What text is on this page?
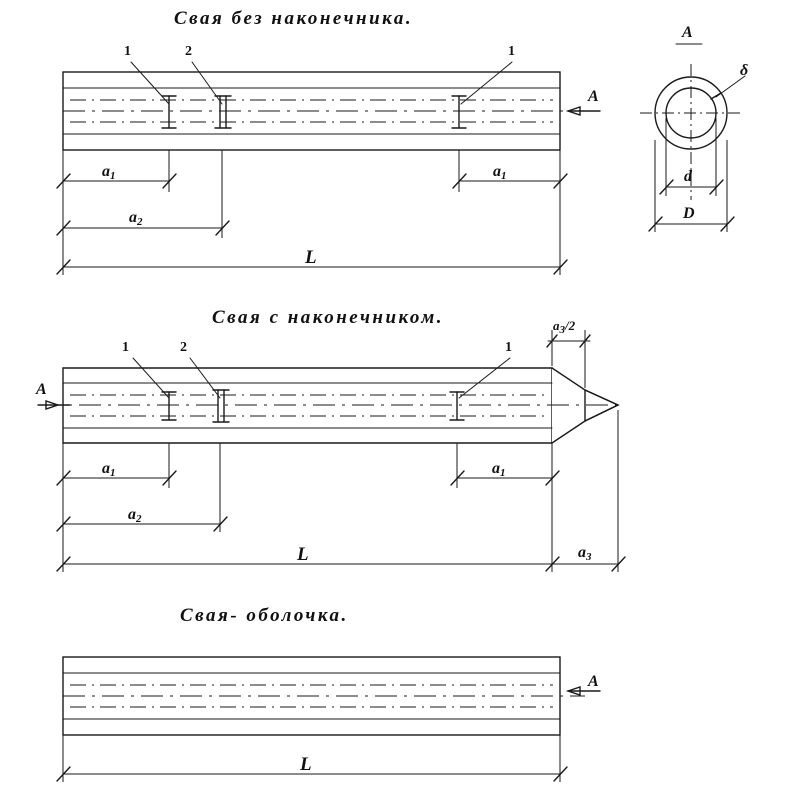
Свая без наконечника.
1	2	1
A
$a_1$	$a_1$
$a_2$
L
A
δ
d
D
Свая с наконечником.
1	2	1
$a_3/2$
A
$a_1$	$a_1$
$a_2$
L	$a_3$
Свая- оболочка.
A
L
